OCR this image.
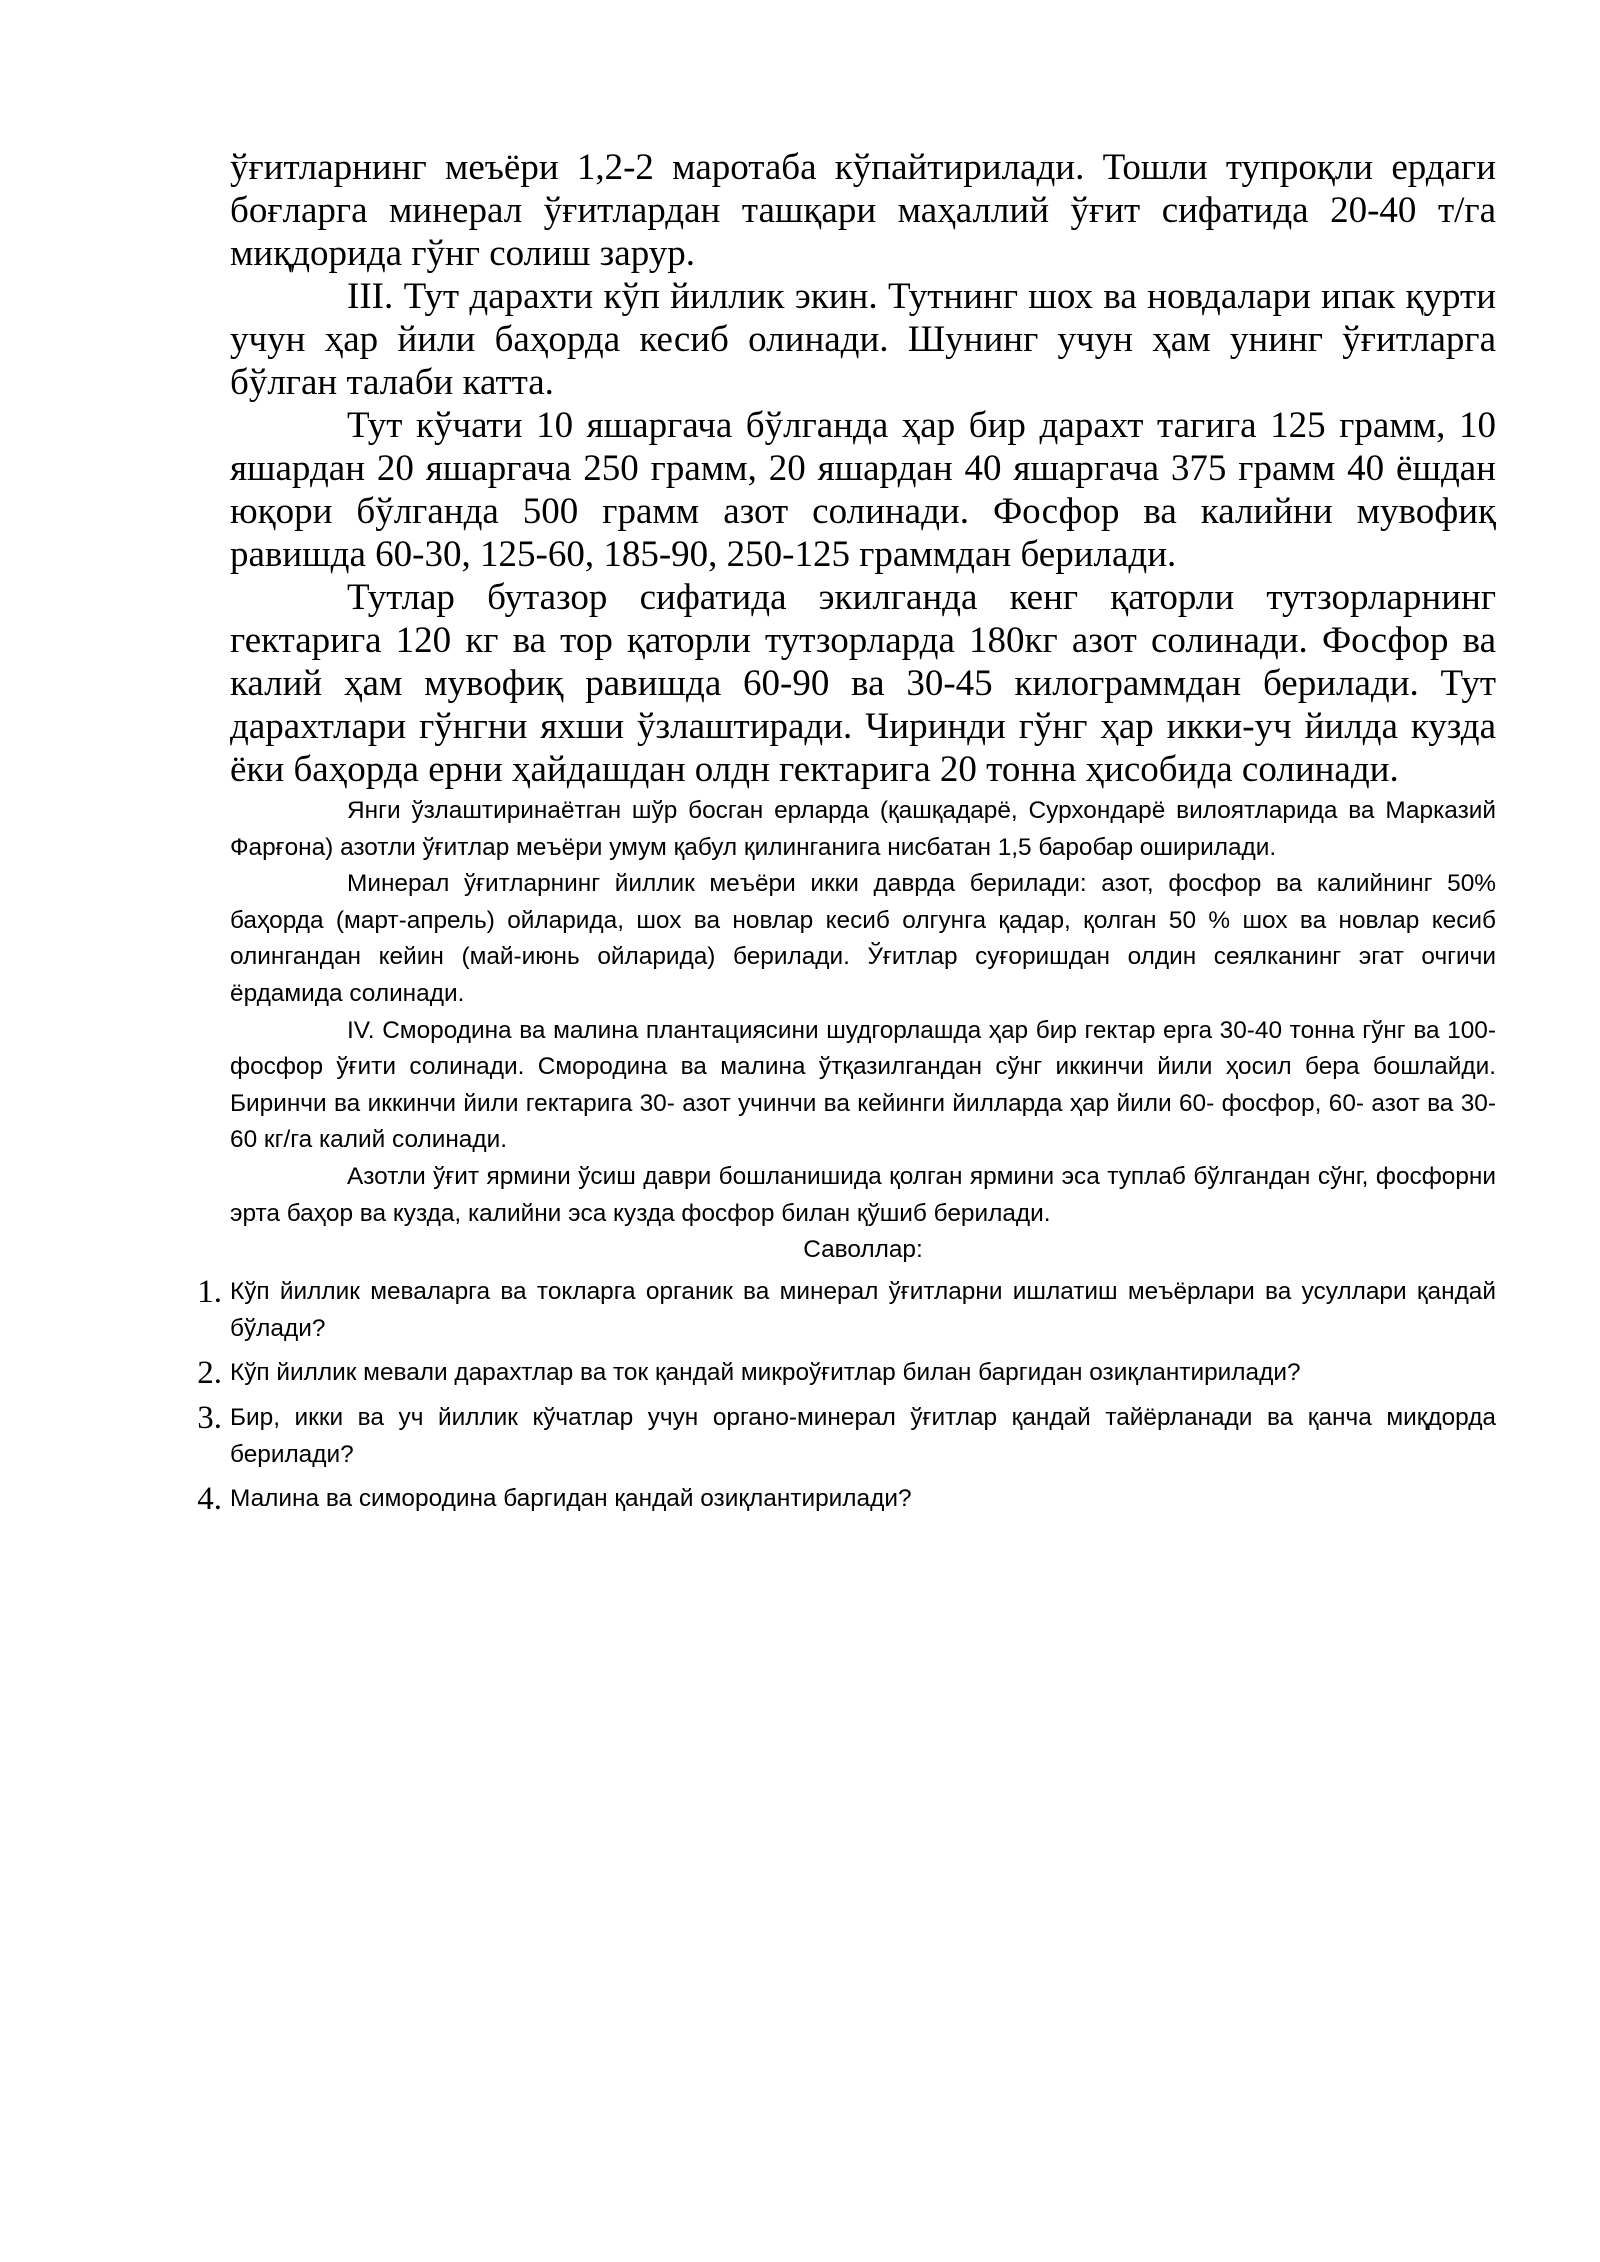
ўғитларнинг меъёри 1,2-2 маротаба кўпайтирилади. Тошли тупроқли ердаги боғларга минерал ўғитлардан ташқари маҳаллий ўғит сифатида 20-40 т/га миқдорида гўнг солиш зарур.

III. Тут дарахти кўп йиллик экин. Тутнинг шох ва новдалари ипак қурти учун ҳар йили баҳорда кесиб олинади. Шунинг учун ҳам унинг ўғитларга бўлган талаби катта.

Тут кўчати 10 яшаргача бўлганда ҳар бир дарахт тагига 125 грамм, 10 яшардан 20 яшаргача 250 грамм, 20 яшардан 40 яшаргача 375 грамм 40 ёшдан юқори бўлганда 500 грамм азот солинади. Фосфор ва калийни мувофиқ равишда 60-30, 125-60, 185-90, 250-125 граммдан берилади.

Тутлар бутазор сифатида экилганда кенг қаторли тутзорларнинг гектарига 120 кг ва тор қаторли тутзорларда 180кг азот солинади. Фосфор ва калий ҳам мувофиқ равишда 60-90 ва 30-45 килограммдан берилади. Тут дарахтлари гўнгни яхши ўзлаштиради. Чиринди гўнг ҳар икки-уч йилда кузда ёки баҳорда ерни ҳайдашдан олдн гектарига 20 тонна ҳисобида солинади.

Янги ўзлаштиринаётган шўр босган ерларда (қашқадарё, Сурхондарё вилоятларида ва Марказий Фарғона) азотли ўғитлар меъёри умум қабул қилинганига нисбатан 1,5 баробар оширилади.

Минерал ўғитларнинг йиллик меъёри икки даврда берилади: азот, фосфор ва калийнинг 50% баҳорда (март-апрель) ойларида, шох ва новлар кесиб олгунга қадар, қолган 50 % шох ва новлар кесиб олингандан кейин (май-июнь ойларида) берилади. Ўғитлар суғоришдан олдин сеялканинг эгат очгичи ёрдамида солинади.

IV. Смородина ва малина плантациясини шудгорлашда ҳар бир гектар ерга 30-40 тонна гўнг ва 100- фосфор ўғити солинади. Смородина ва малина ўтқазилгандан сўнг иккинчи йили ҳосил бера бошлайди. Биринчи ва иккинчи йили гектарига 30- азот учинчи ва кейинги йилларда ҳар йили 60- фосфор, 60- азот ва 30-60 кг/га калий солинади.

Азотли ўғит ярмини ўсиш даври бошланишида қолган ярмини эса туплаб бўлгандан сўнг, фосфорни эрта баҳор ва кузда, калийни эса кузда фосфор билан қўшиб берилади.

Саволлар:

1. Кўп йиллик меваларга ва токларга органик ва минерал ўғитларни ишлатиш меъёрлари ва усуллари қандай бўлади?
2. Кўп йиллик мевали дарахтлар ва ток қандай микроўғитлар билан баргидан озиқлантирилади?
3. Бир, икки ва уч йиллик кўчатлар учун органо-минерал ўғитлар қандай тайёрланади ва қанча миқдорда берилади?
4. Малина ва симородина баргидан қандай озиқлантирилади?
